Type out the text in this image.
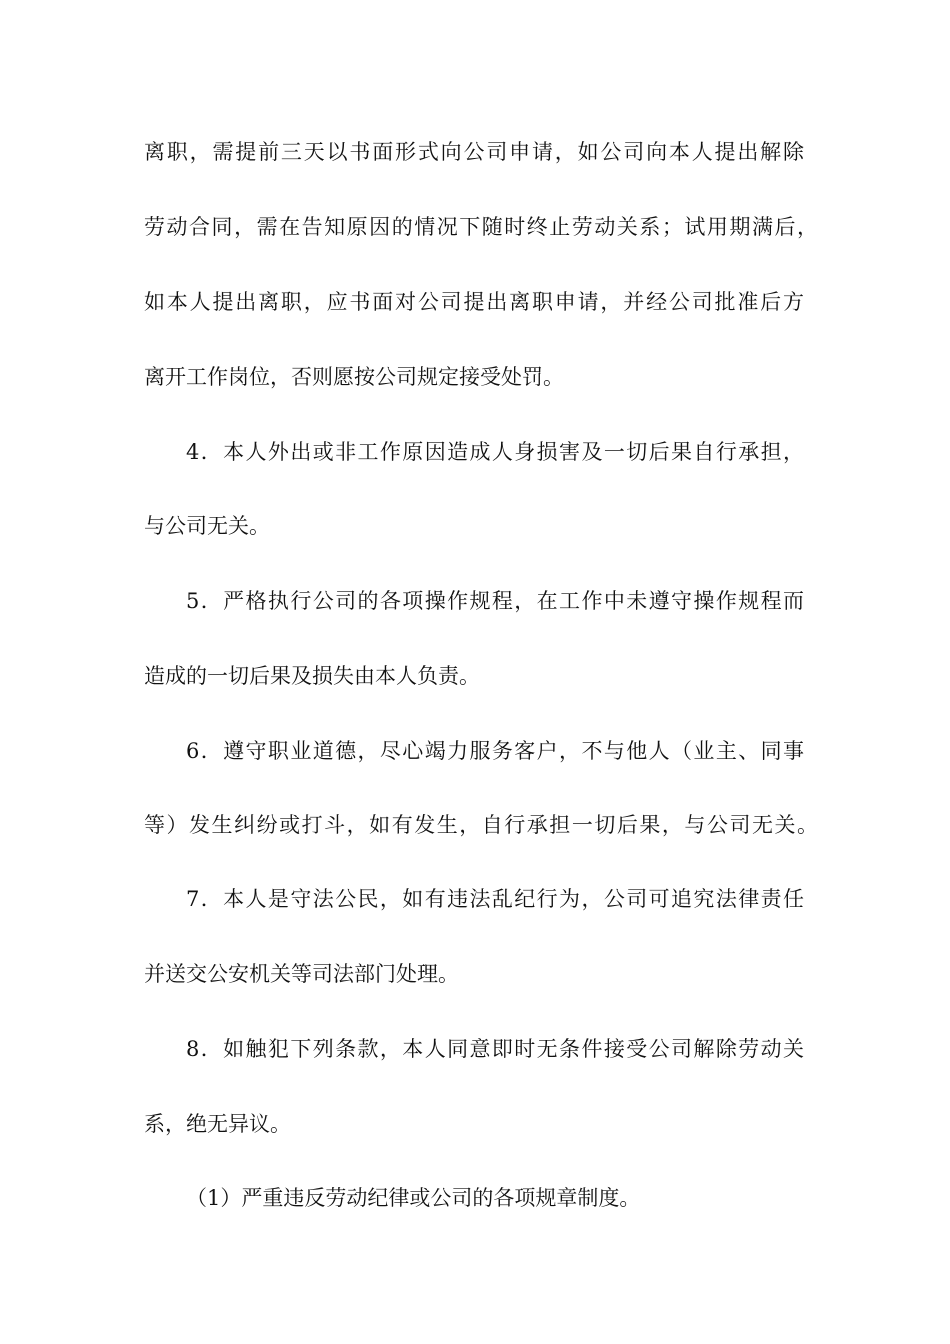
离职，需提前三天以书面形式向公司申请，如公司向本人提出解除
劳动合同，需在告知原因的情况下随时终止劳动关系；试用期满后，
如本人提出离职，应书面对公司提出离职申请，并经公司批准后方
离开工作岗位，否则愿按公司规定接受处罚。
4．本人外出或非工作原因造成人身损害及一切后果自行承担，
与公司无关。
5．严格执行公司的各项操作规程，在工作中未遵守操作规程而
造成的一切后果及损失由本人负责。
6．遵守职业道德，尽心竭力服务客户，不与他人（业主、同事
等）发生纠纷或打斗，如有发生，自行承担一切后果，与公司无关。
7．本人是守法公民，如有违法乱纪行为，公司可追究法律责任
并送交公安机关等司法部门处理。
8．如触犯下列条款，本人同意即时无条件接受公司解除劳动关
系，绝无异议。
（1）严重违反劳动纪律或公司的各项规章制度。
